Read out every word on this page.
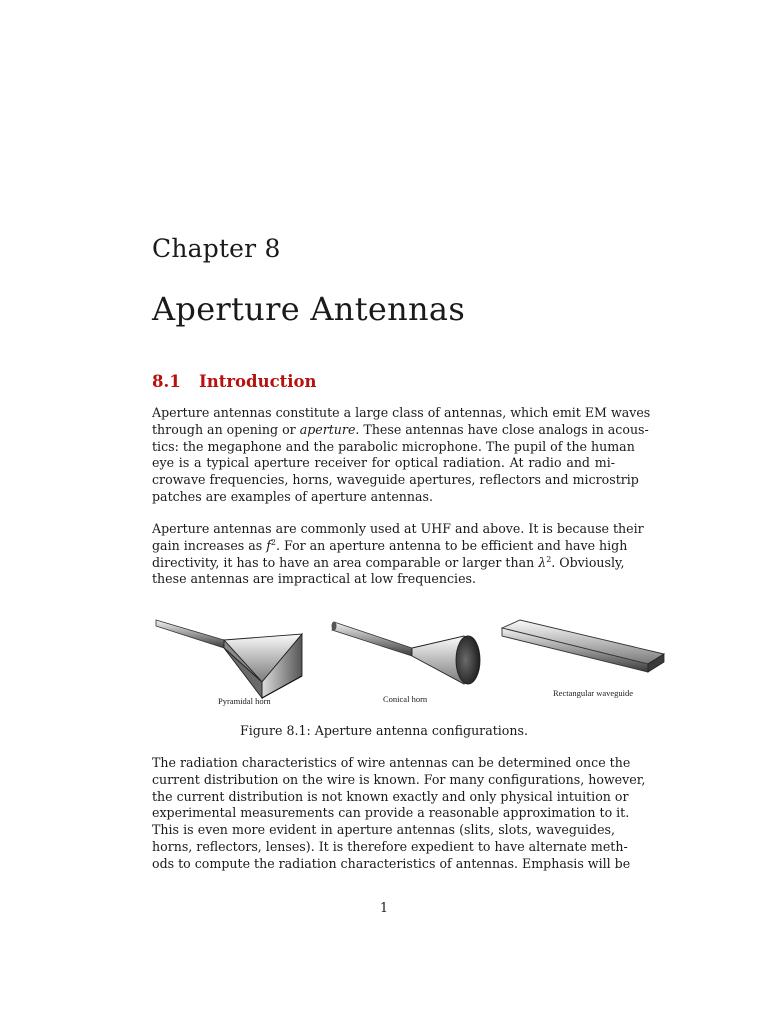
Chapter 8
Aperture Antennas
8.1 Introduction
Aperture antennas constitute a large class of antennas, which emit EM waves
through an opening or aperture. These antennas have close analogs in acous-
tics: the megaphone and the parabolic microphone. The pupil of the human
eye is a typical aperture receiver for optical radiation. At radio and mi-
crowave frequencies, horns, waveguide apertures, reflectors and microstrip
patches are examples of aperture antennas.
Aperture antennas are commonly used at UHF and above. It is because their
gain increases as $f^2$. For an aperture antenna to be efficient and have high
directivity, it has to have an area comparable or larger than $\lambda^2$. Obviously,
these antennas are impractical at low frequencies.
Pyramidal horn	Conical horn
Rectangular waveguide
Figure 8.1: Aperture antenna configurations.
The radiation characteristics of wire antennas can be determined once the
current distribution on the wire is known. For many configurations, however,
the current distribution is not known exactly and only physical intuition or
experimental measurements can provide a reasonable approximation to it.
This is even more evident in aperture antennas (slits, slots, waveguides,
horns, reflectors, lenses). It is therefore expedient to have alternate meth-
ods to compute the radiation characteristics of antennas. Emphasis will be
1
